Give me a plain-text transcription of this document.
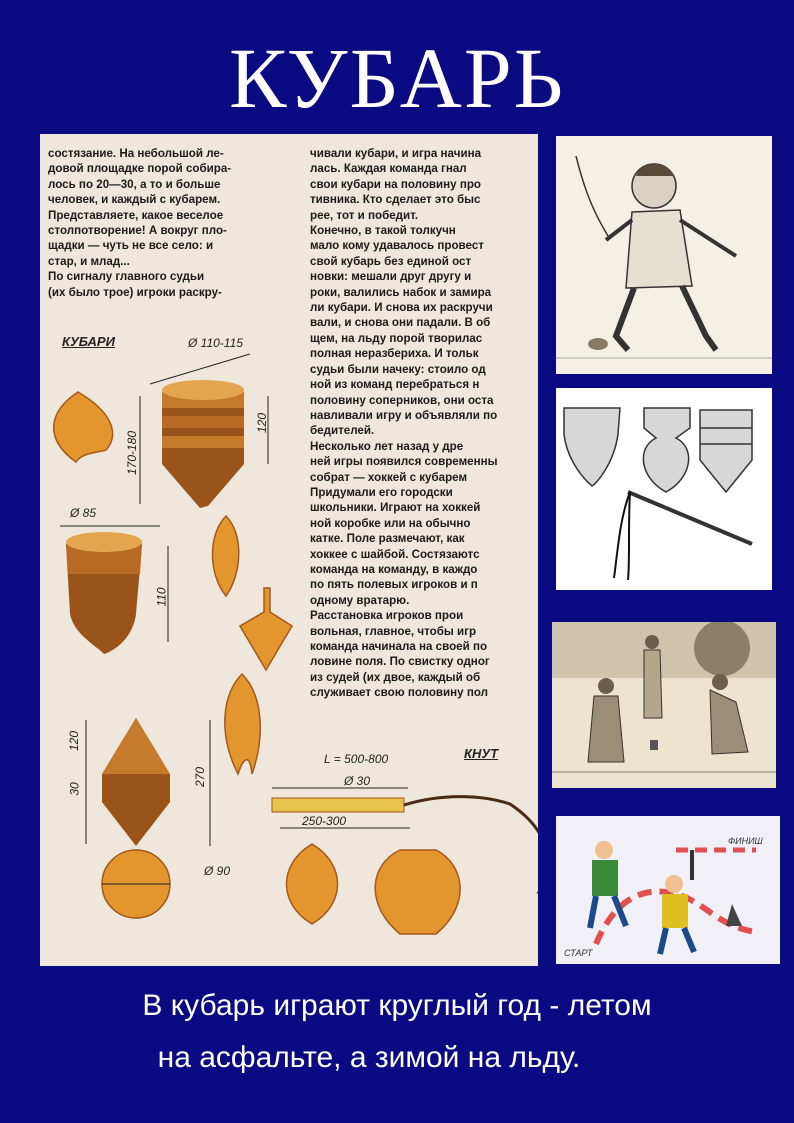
КУБАРЬ
состязание. На небольшой ле-
довой площадке порой собира-
лось по 20—30, а то и больше
человек, и каждый с кубарем.
Представляете, какое веселое
столпотворение! А вокруг пло-
щадки — чуть не все село: и
стар, и млад...
По сигналу главного судьи
(их было трое) игроки раскру-
чивали кубари, и игра начина
лась. Каждая команда гнал
свои кубари на половину про
тивника. Кто сделает это быс
рее, тот и победит.
Конечно, в такой толкучн
мало кому удавалось провест
свой кубарь без единой ост
новки: мешали друг другу и
роки, валились набок и замира
ли кубари. И снова их раскручи
вали, и снова они падали. В об
щем, на льду порой творилас
полная неразбериха. И тольк
судьи были начеку: стоило од
ной из команд перебраться н
половину соперников, они оста
навливали игру и объявляли по
бедителей.
Несколько лет назад у дре
ней игры появился современны
собрат — хоккей с кубарем
Придумали его городски
школьники. Играют на хоккей
ной коробке или на обычно
катке. Поле размечают, как
хоккее с шайбой. Состязаютс
команда на команду, в каждо
по пять полевых игроков и п
одному вратарю.
Расстановка игроков прои
вольная, главное, чтобы игр
команда начинала на своей по
ловине поля. По свистку одног
из судей (их двое, каждый об
служивает свою половину пол
КУБАРИ
КНУТ
Ø 110-115
120
170-180
Ø 85
110
120
30
270
Ø 90
L = 500-800
Ø 30
250-300
СТАРТ
ФИНИШ
В кубарь играют круглый год - летом
на асфальте, а зимой на льду.
